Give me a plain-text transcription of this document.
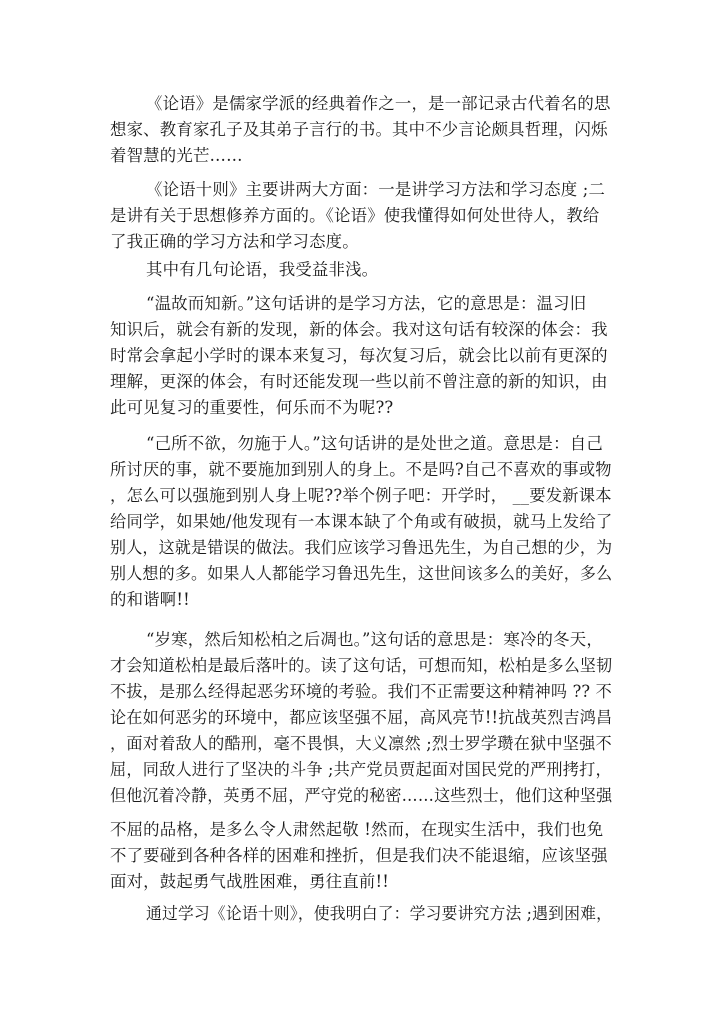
《论语》是儒家学派的经典着作之一，是一部记录古代着名的思
想家、教育家孔子及其弟子言行的书。其中不少言论颇具哲理，闪烁
着智慧的光芒……
《论语十则》主要讲两大方面：一是讲学习方法和学习态度 ;二
是讲有关于思想修养方面的。《论语》使我懂得如何处世待人，教给
了我正确的学习方法和学习态度。
其中有几句论语，我受益非浅。
“温故而知新。”这句话讲的是学习方法，它的意思是：温习旧
知识后，就会有新的发现，新的体会。我对这句话有较深的体会：我
时常会拿起小学时的课本来复习，每次复习后，就会比以前有更深的
理解，更深的体会，有时还能发现一些以前不曾注意的新的知识，由
此可见复习的重要性，何乐而不为呢??
“己所不欲，勿施于人。”这句话讲的是处世之道。意思是：自己
所讨厌的事，就不要施加到别人的身上。不是吗?自己不喜欢的事或物
，怎么可以强施到别人身上呢??举个例子吧：开学时， __要发新课本
给同学，如果她/他发现有一本课本缺了个角或有破损，就马上发给了
别人，这就是错误的做法。我们应该学习鲁迅先生，为自己想的少，为
别人想的多。如果人人都能学习鲁迅先生，这世间该多么的美好，多么
的和谐啊!!
“岁寒，然后知松柏之后凋也。”这句话的意思是：寒冷的冬天，
才会知道松柏是最后落叶的。读了这句话，可想而知，松柏是多么坚韧
不拔，是那么经得起恶劣环境的考验。我们不正需要这种精神吗 ?? 不
论在如何恶劣的环境中，都应该坚强不屈，高风亮节!!抗战英烈吉鸿昌
，面对着敌人的酷刑，毫不畏惧，大义凛然 ;烈士罗学瓒在狱中坚强不
屈，同敌人进行了坚决的斗争 ;共产党员贾起面对国民党的严刑拷打，
但他沉着冷静，英勇不屈，严守党的秘密……这些烈士，他们这种坚强
不屈的品格，是多么令人肃然起敬 !然而，在现实生活中，我们也免
不了要碰到各种各样的困难和挫折，但是我们决不能退缩，应该坚强
面对，鼓起勇气战胜困难，勇往直前!!
通过学习《论语十则》，使我明白了：学习要讲究方法 ;遇到困难，
